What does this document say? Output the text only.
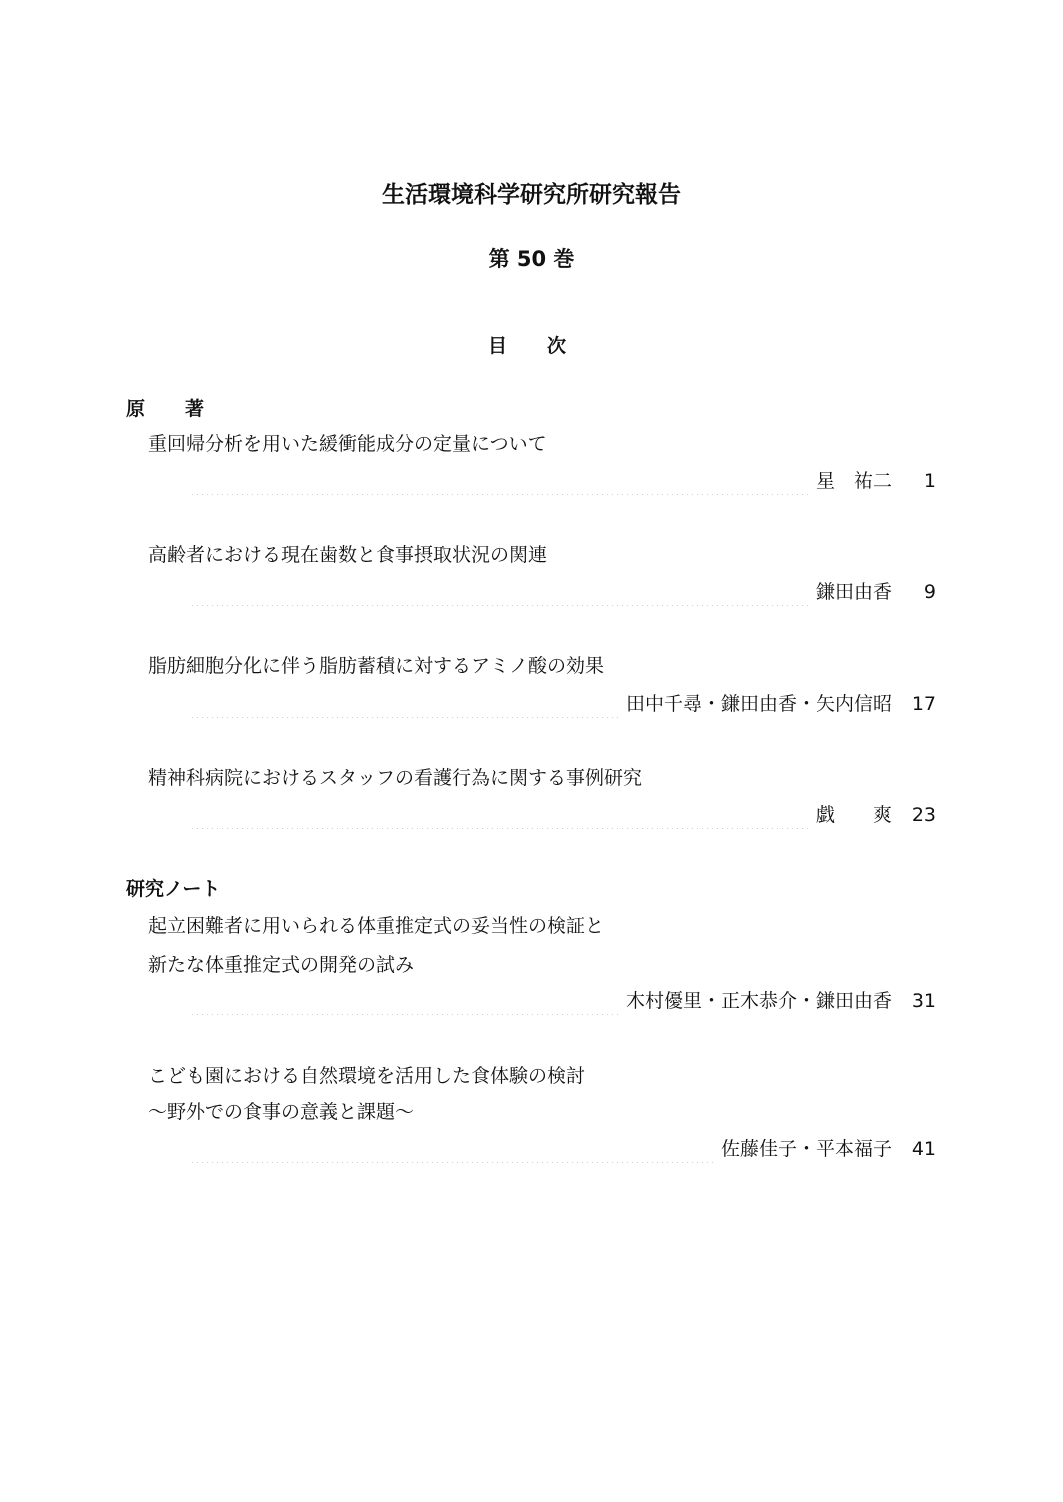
生活環境科学研究所研究報告
第 50 巻
目 次
原 著
重回帰分析を用いた緩衝能成分の定量について
星　祐二	1
高齢者における現在歯数と食事摂取状況の関連
鎌田由香	9
脂肪細胞分化に伴う脂肪蓄積に対するアミノ酸の効果
田中千尋・鎌田由香・矢内信昭	17
精神科病院におけるスタッフの看護行為に関する事例研究
戯　　爽	23
研究ノート
起立困難者に用いられる体重推定式の妥当性の検証と
新たな体重推定式の開発の試み
木村優里・正木恭介・鎌田由香	31
こども園における自然環境を活用した食体験の検討
～野外での食事の意義と課題～
佐藤佳子・平本福子	41
